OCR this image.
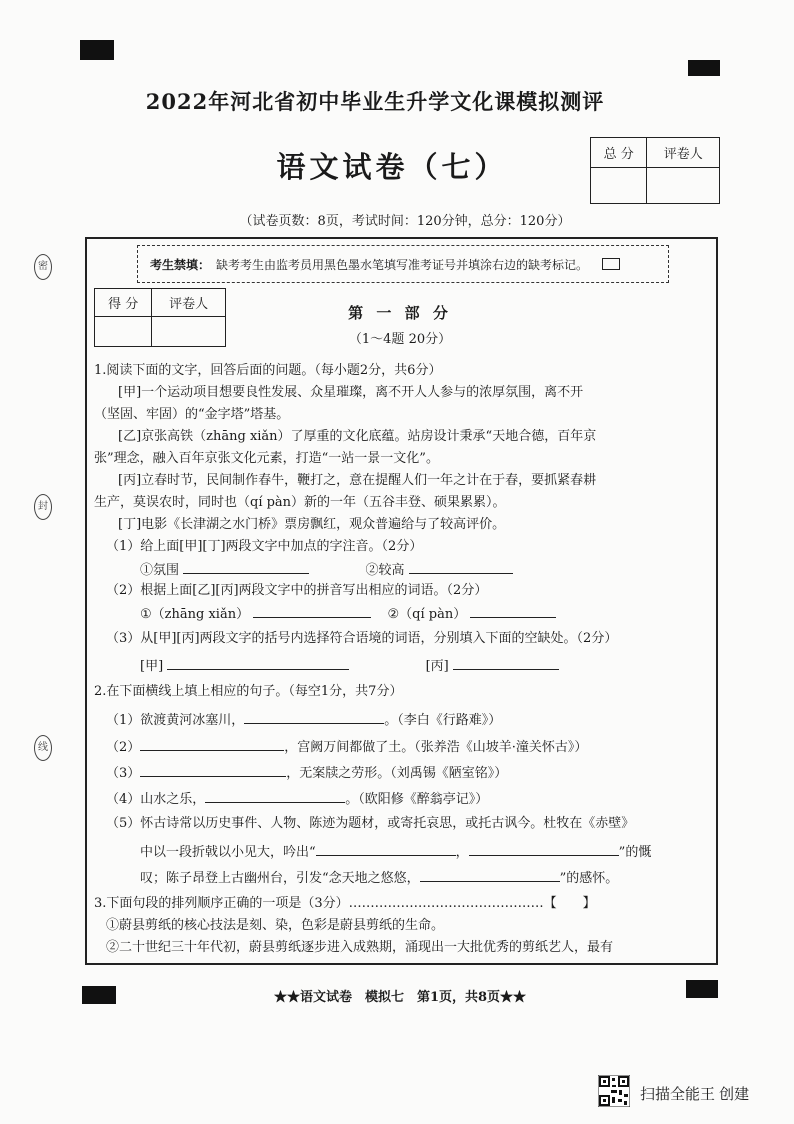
密
封
线
2022年河北省初中毕业生升学文化课模拟测评
语文试卷（七）	总 分	评卷人

（试卷页数：8页，考试时间：120分钟，总分：120分）
考生禁填： 缺考考生由监考员用黑色墨水笔填写准考证号并填涂右边的缺考标记。
得 分	评卷人
		第 一 部 分
（1～4题 20分）
1.阅读下面的文字，回答后面的问题。（每小题2分，共6分）
[甲]一个运动项目想要良性发展、众星璀璨，离不开人人参与的浓厚氛围，离不开
（坚固、牢固）的“金字塔”塔基。
[乙]京张高铁（zhāng xiǎn）了厚重的文化底蕴。站房设计秉承“天地合德，百年京
张”理念，融入百年京张文化元素，打造“一站一景一文化”。
[丙]立春时节，民间制作春牛，鞭打之，意在提醒人们一年之计在于春，要抓紧春耕
生产，莫误农时，同时也（qí pàn）新的一年（五谷丰登、硕果累累）。
[丁]电影《长津湖之水门桥》票房飘红，观众普遍给与了较高评价。
（1）给上面[甲][丁]两段文字中加点的字注音。（2分）
①氛围	②较高
（2）根据上面[乙][丙]两段文字中的拼音写出相应的词语。（2分）
①（zhāng xiǎn）	②（qí pàn）
（3）从[甲][丙]两段文字的括号内选择符合语境的词语，分别填入下面的空缺处。（2分）
[甲]	[丙]
2.在下面横线上填上相应的句子。（每空1分，共7分）
（1）欲渡黄河冰塞川，	。（李白《行路难》）
（2）	，宫阙万间都做了土。（张养浩《山坡羊·潼关怀古》）
（3）	，无案牍之劳形。（刘禹锡《陋室铭》）
（4）山水之乐，	。（欧阳修《醉翁亭记》）
（5）怀古诗常以历史事件、人物、陈迹为题材，或寄托哀思，或托古讽今。杜牧在《赤壁》
中以一段折戟以小见大，吟出“	，	”的慨
叹；陈子昂登上古幽州台，引发“念天地之悠悠，	”的感怀。
3.下面句段的排列顺序正确的一项是（3分）………………………………………【　　】
①蔚县剪纸的核心技法是刻、染，色彩是蔚县剪纸的生命。
②二十世纪三十年代初，蔚县剪纸逐步进入成熟期，涌现出一大批优秀的剪纸艺人，最有
★★语文试卷　模拟七　第1页，共8页★★
扫描全能王 创建
